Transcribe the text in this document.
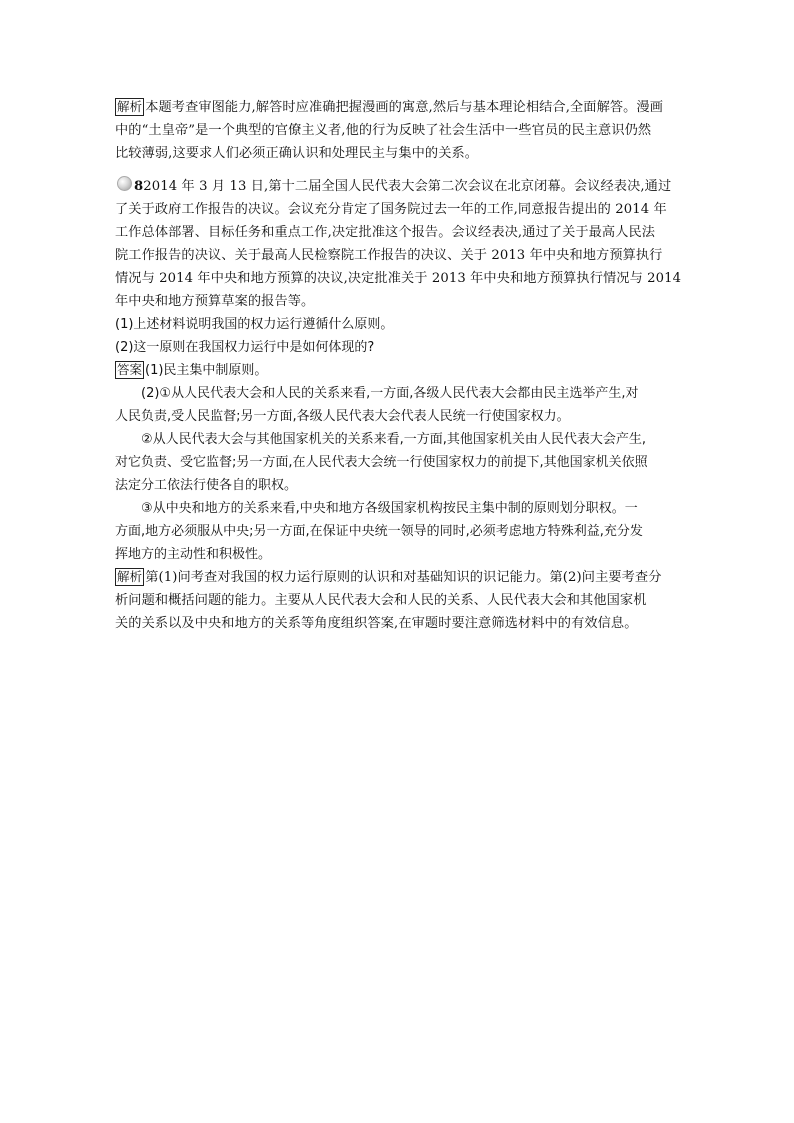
解析 本题考查审图能力,解答时应准确把握漫画的寓意,然后与基本理论相结合,全面解答。漫画
中的“土皇帝”是一个典型的官僚主义者,他的行为反映了社会生活中一些官员的民主意识仍然
比较薄弱,这要求人们必须正确认识和处理民主与集中的关系。
82014 年 3 月 13 日,第十二届全国人民代表大会第二次会议在北京闭幕。会议经表决,通过
了关于政府工作报告的决议。会议充分肯定了国务院过去一年的工作,同意报告提出的 2014 年
工作总体部署、目标任务和重点工作,决定批准这个报告。会议经表决,通过了关于最高人民法
院工作报告的决议、关于最高人民检察院工作报告的决议、关于 2013 年中央和地方预算执行
情况与 2014 年中央和地方预算的决议,决定批准关于 2013 年中央和地方预算执行情况与 2014
年中央和地方预算草案的报告等。
(1)上述材料说明我国的权力运行遵循什么原则。
(2)这一原则在我国权力运行中是如何体现的?
答案 (1)民主集中制原则。
(2)①从人民代表大会和人民的关系来看,一方面,各级人民代表大会都由民主选举产生,对
人民负责,受人民监督;另一方面,各级人民代表大会代表人民统一行使国家权力。
②从人民代表大会与其他国家机关的关系来看,一方面,其他国家机关由人民代表大会产生,
对它负责、受它监督;另一方面,在人民代表大会统一行使国家权力的前提下,其他国家机关依照
法定分工依法行使各自的职权。
③从中央和地方的关系来看,中央和地方各级国家机构按民主集中制的原则划分职权。一
方面,地方必须服从中央;另一方面,在保证中央统一领导的同时,必须考虑地方特殊利益,充分发
挥地方的主动性和积极性。
解析 第(1)问考查对我国的权力运行原则的认识和对基础知识的识记能力。第(2)问主要考查分
析问题和概括问题的能力。主要从人民代表大会和人民的关系、人民代表大会和其他国家机
关的关系以及中央和地方的关系等角度组织答案,在审题时要注意筛选材料中的有效信息。
